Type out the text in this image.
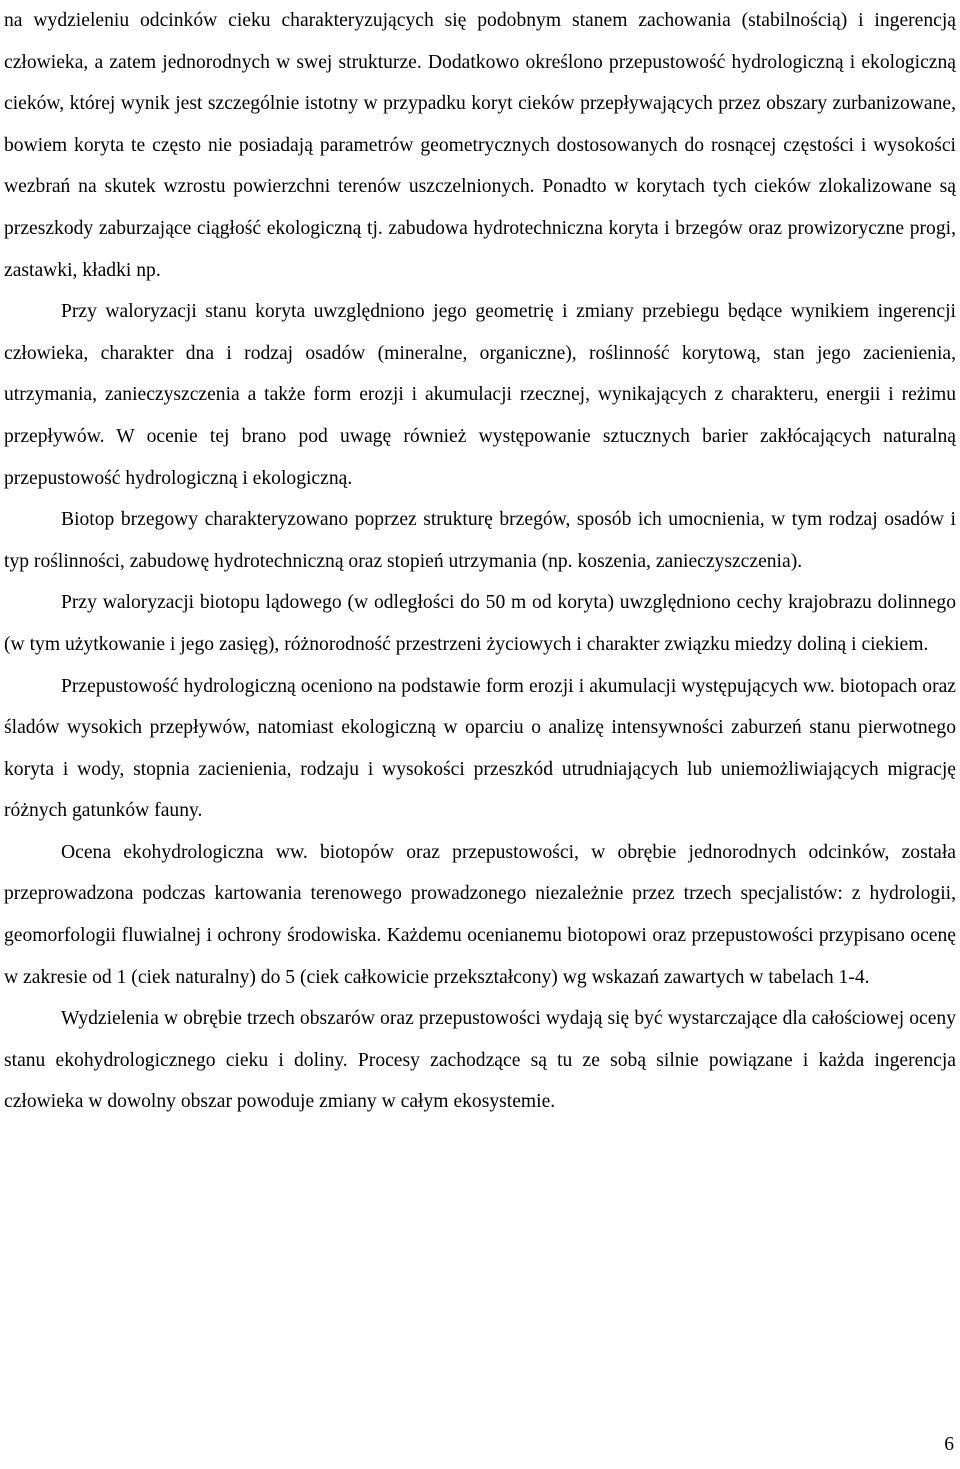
na wydzieleniu odcinków cieku charakteryzujących się podobnym stanem zachowania (stabilnością) i ingerencją człowieka, a zatem jednorodnych w swej strukturze. Dodatkowo określono przepustowość hydrologiczną i ekologiczną cieków, której wynik jest szczególnie istotny w przypadku koryt cieków przepływających przez obszary zurbanizowane, bowiem koryta te często nie posiadają parametrów geometrycznych dostosowanych do rosnącej częstości i wysokości wezbrań na skutek wzrostu powierzchni terenów uszczelnionych. Ponadto w korytach tych cieków zlokalizowane są przeszkody zaburzające ciągłość ekologiczną tj. zabudowa hydrotechniczna koryta i brzegów oraz prowizoryczne progi, zastawki, kładki np.

Przy waloryzacji stanu koryta uwzględniono jego geometrię i zmiany przebiegu będące wynikiem ingerencji człowieka, charakter dna i rodzaj osadów (mineralne, organiczne), roślinność korytową, stan jego zacienienia, utrzymania, zanieczyszczenia a także form erozji i akumulacji rzecznej, wynikających z charakteru, energii i reżimu przepływów. W ocenie tej brano pod uwagę również występowanie sztucznych barier zakłócających naturalną przepustowość hydrologiczną i ekologiczną.

Biotop brzegowy charakteryzowano poprzez strukturę brzegów, sposób ich umocnienia, w tym rodzaj osadów i typ roślinności, zabudowę hydrotechniczną oraz stopień utrzymania (np. koszenia, zanieczyszczenia).

Przy waloryzacji biotopu lądowego (w odległości do 50 m od koryta) uwzględniono cechy krajobrazu dolinnego (w tym użytkowanie i jego zasięg), różnorodność przestrzeni życiowych i charakter związku miedzy doliną i ciekiem.

Przepustowość hydrologiczną oceniono na podstawie form erozji i akumulacji występujących ww. biotopach oraz śladów wysokich przepływów, natomiast ekologiczną w oparciu o analizę intensywności zaburzeń stanu pierwotnego koryta i wody, stopnia zacienienia, rodzaju i wysokości przeszkód utrudniających lub uniemożliwiających migrację różnych gatunków fauny.

Ocena ekohydrologiczna ww. biotopów oraz przepustowości, w obrębie jednorodnych odcinków, została przeprowadzona podczas kartowania terenowego prowadzonego niezależnie przez trzech specjalistów: z hydrologii, geomorfologii fluwialnej i ochrony środowiska. Każdemu ocenianemu biotopowi oraz przepustowości przypisano ocenę w zakresie od 1 (ciek naturalny) do 5 (ciek całkowicie przekształcony) wg wskazań zawartych w tabelach 1-4.

Wydzielenia w obrębie trzech obszarów oraz przepustowości wydają się być wystarczające dla całościowej oceny stanu ekohydrologicznego cieku i doliny. Procesy zachodzące są tu ze sobą silnie powiązane i każda ingerencja człowieka w dowolny obszar powoduje zmiany w całym ekosystemie.

6
